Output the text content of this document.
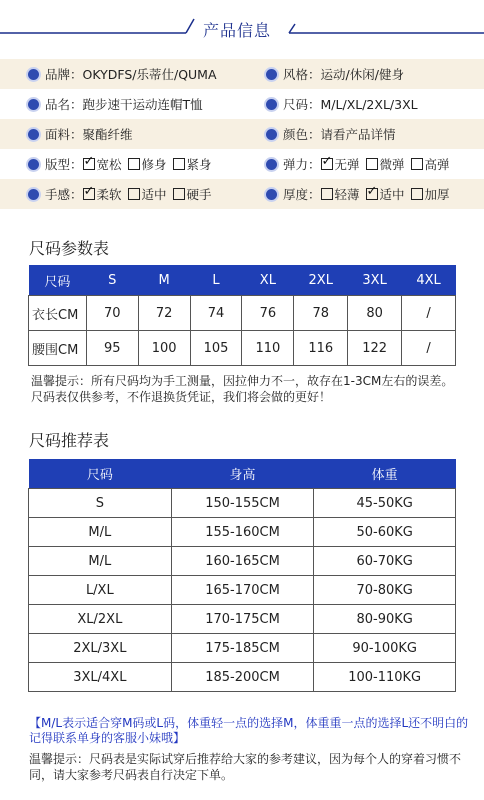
产品信息
品牌： OKYDFS/乐蒂仕/QUMA	风格： 运动/休闲/健身
品名： 跑步速干运动连帽T恤	尺码： M/L/XL/2XL/3XL
面料： 聚酯纤维	颜色： 请看产品详情
版型： ✓ 宽松 修身 紧身	弹力： ✓ 无弹 微弹 高弹
手感： ✓ 柔软 适中 硬手	厚度： 轻薄 ✓ 适中 加厚
尺码参数表
尺码	S	M	L	XL	2XL	3XL	4XL
衣长CM	70	72	74	76	78	80	/
腰围CM	95	100	105	110	116	122	/
温馨提示：所有尺码均为手工测量，因拉伸力不一，故存在1-3CM左右的误差。尺码表仅供参考，不作退换货凭证，我们将会做的更好！
尺码推荐表
尺码	身高	体重
S	150-155CM	45-50KG
M/L	155-160CM	50-60KG
M/L	160-165CM	60-70KG
L/XL	165-170CM	70-80KG
XL/2XL	170-175CM	80-90KG
2XL/3XL	175-185CM	90-100KG
3XL/4XL	185-200CM	100-110KG
【M/L表示适合穿M码或L码，体重轻一点的选择M，体重重一点的选择L还不明白的记得联系单身的客服小妹哦】
温馨提示：尺码表是实际试穿后推荐给大家的参考建议，因为每个人的穿着习惯不同，请大家参考尺码表自行决定下单。
